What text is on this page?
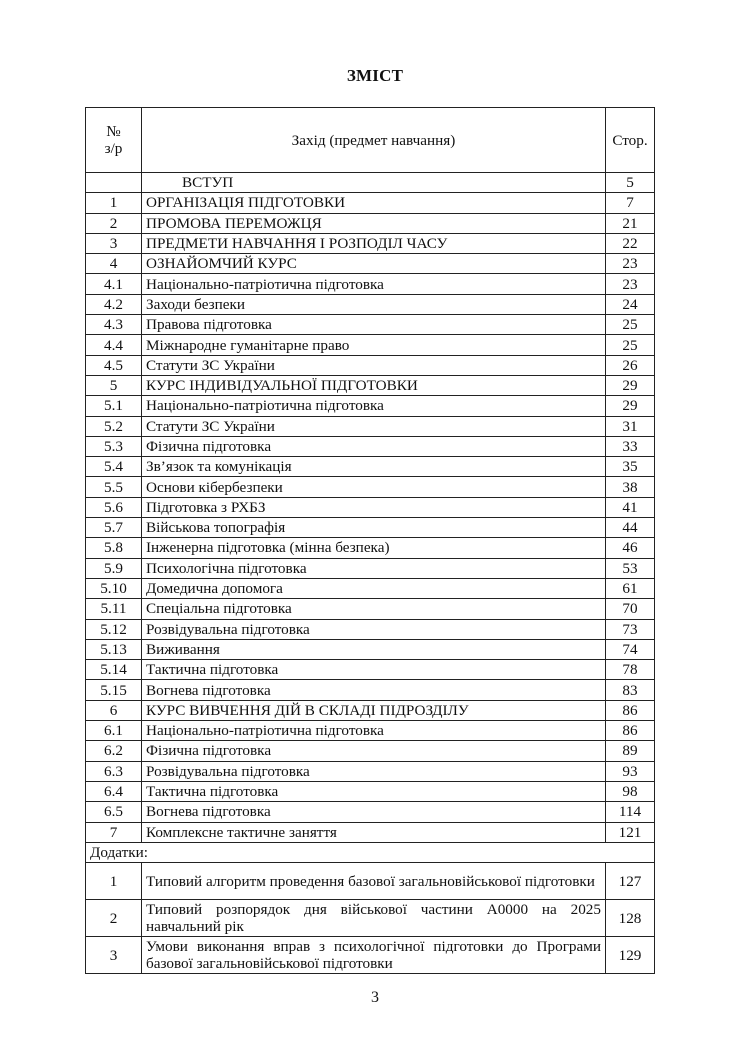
ЗМІСТ
№
з/р	Захід (предмет навчання)	Стор.
	ВСТУП	5
1	ОРГАНІЗАЦІЯ ПІДГОТОВКИ	7
2	ПРОМОВА ПЕРЕМОЖЦЯ	21
3	ПРЕДМЕТИ НАВЧАННЯ І РОЗПОДІЛ ЧАСУ	22
4	ОЗНАЙОМЧИЙ КУРС	23
4.1	Національно-патріотична підготовка	23
4.2	Заходи безпеки	24
4.3	Правова підготовка	25
4.4	Міжнародне гуманітарне право	25
4.5	Статути ЗС України	26
5	КУРС ІНДИВІДУАЛЬНОЇ ПІДГОТОВКИ	29
5.1	Національно-патріотична підготовка	29
5.2	Статути ЗС України	31
5.3	Фізична підготовка	33
5.4	Зв’язок та комунікація	35
5.5	Основи кібербезпеки	38
5.6	Підготовка з РХБЗ	41
5.7	Військова топографія	44
5.8	Інженерна підготовка (мінна безпека)	46
5.9	Психологічна підготовка	53
5.10	Домедична допомога	61
5.11	Спеціальна підготовка	70
5.12	Розвідувальна підготовка	73
5.13	Виживання	74
5.14	Тактична підготовка	78
5.15	Вогнева підготовка	83
6	КУРС ВИВЧЕННЯ ДІЙ В СКЛАДІ ПІДРОЗДІЛУ	86
6.1	Національно-патріотична підготовка	86
6.2	Фізична підготовка	89
6.3	Розвідувальна підготовка	93
6.4	Тактична підготовка	98
6.5	Вогнева підготовка	114
7	Комплексне тактичне заняття	121
Додатки:		
1	Типовий алгоритм проведення базової загальновійськової підготовки	127
2	Типовий розпорядок дня військової частини А0000 на 2025 навчальний рік	128
3	Умови виконання вправ з психологічної підготовки до Програми базової загальновійськової підготовки	129
3
